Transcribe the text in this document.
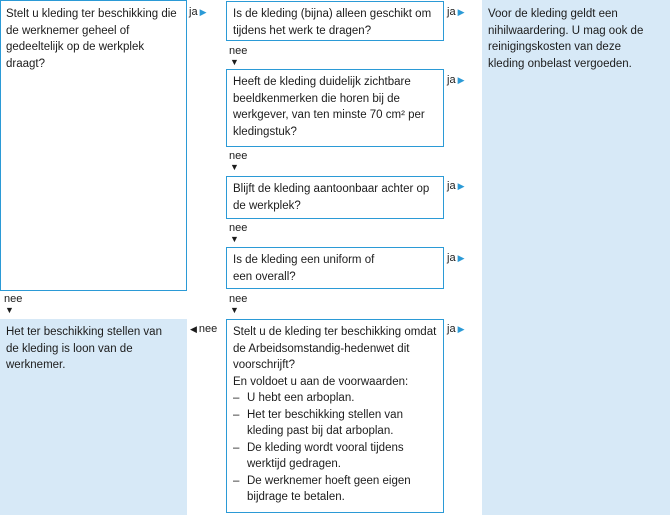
Stelt u kleding ter beschikking die de werknemer geheel of gedeeltelijk op de werkplek draagt?
ja ▶	Is de kleding (bijna) alleen geschikt om tijdens het werk te dragen?
ja ▶
nee
▼
Heeft de kleding duidelijk zichtbare beeldkenmerken die horen bij de werkgever, van ten minste 70 cm² per kledingstuk?
ja ▶
nee
▼
Blijft de kleding aantoonbaar achter op de werkplek?
ja ▶
nee
▼
Is de kleding een uniform of een overall?
ja ▶
nee
▼
nee
▼
Stelt u de kleding ter beschikking omdat de Arbeidsomstandig-hedenwet dit voorschrijft?
En voldoet u aan de voorwaarden:
– U hebt een arboplan.
– Het ter beschikking stellen van kleding past bij dat arboplan.
– De kleding wordt vooral tijdens werktijd gedragen.
– De werknemer hoeft geen eigen bijdrage te betalen.
ja ▶
◀ nee
Voor de kleding geldt een nihilwaardering. U mag ook de reinigingskosten van deze kleding onbelast vergoeden.
Het ter beschikking stellen van de kleding is loon van de werknemer.
